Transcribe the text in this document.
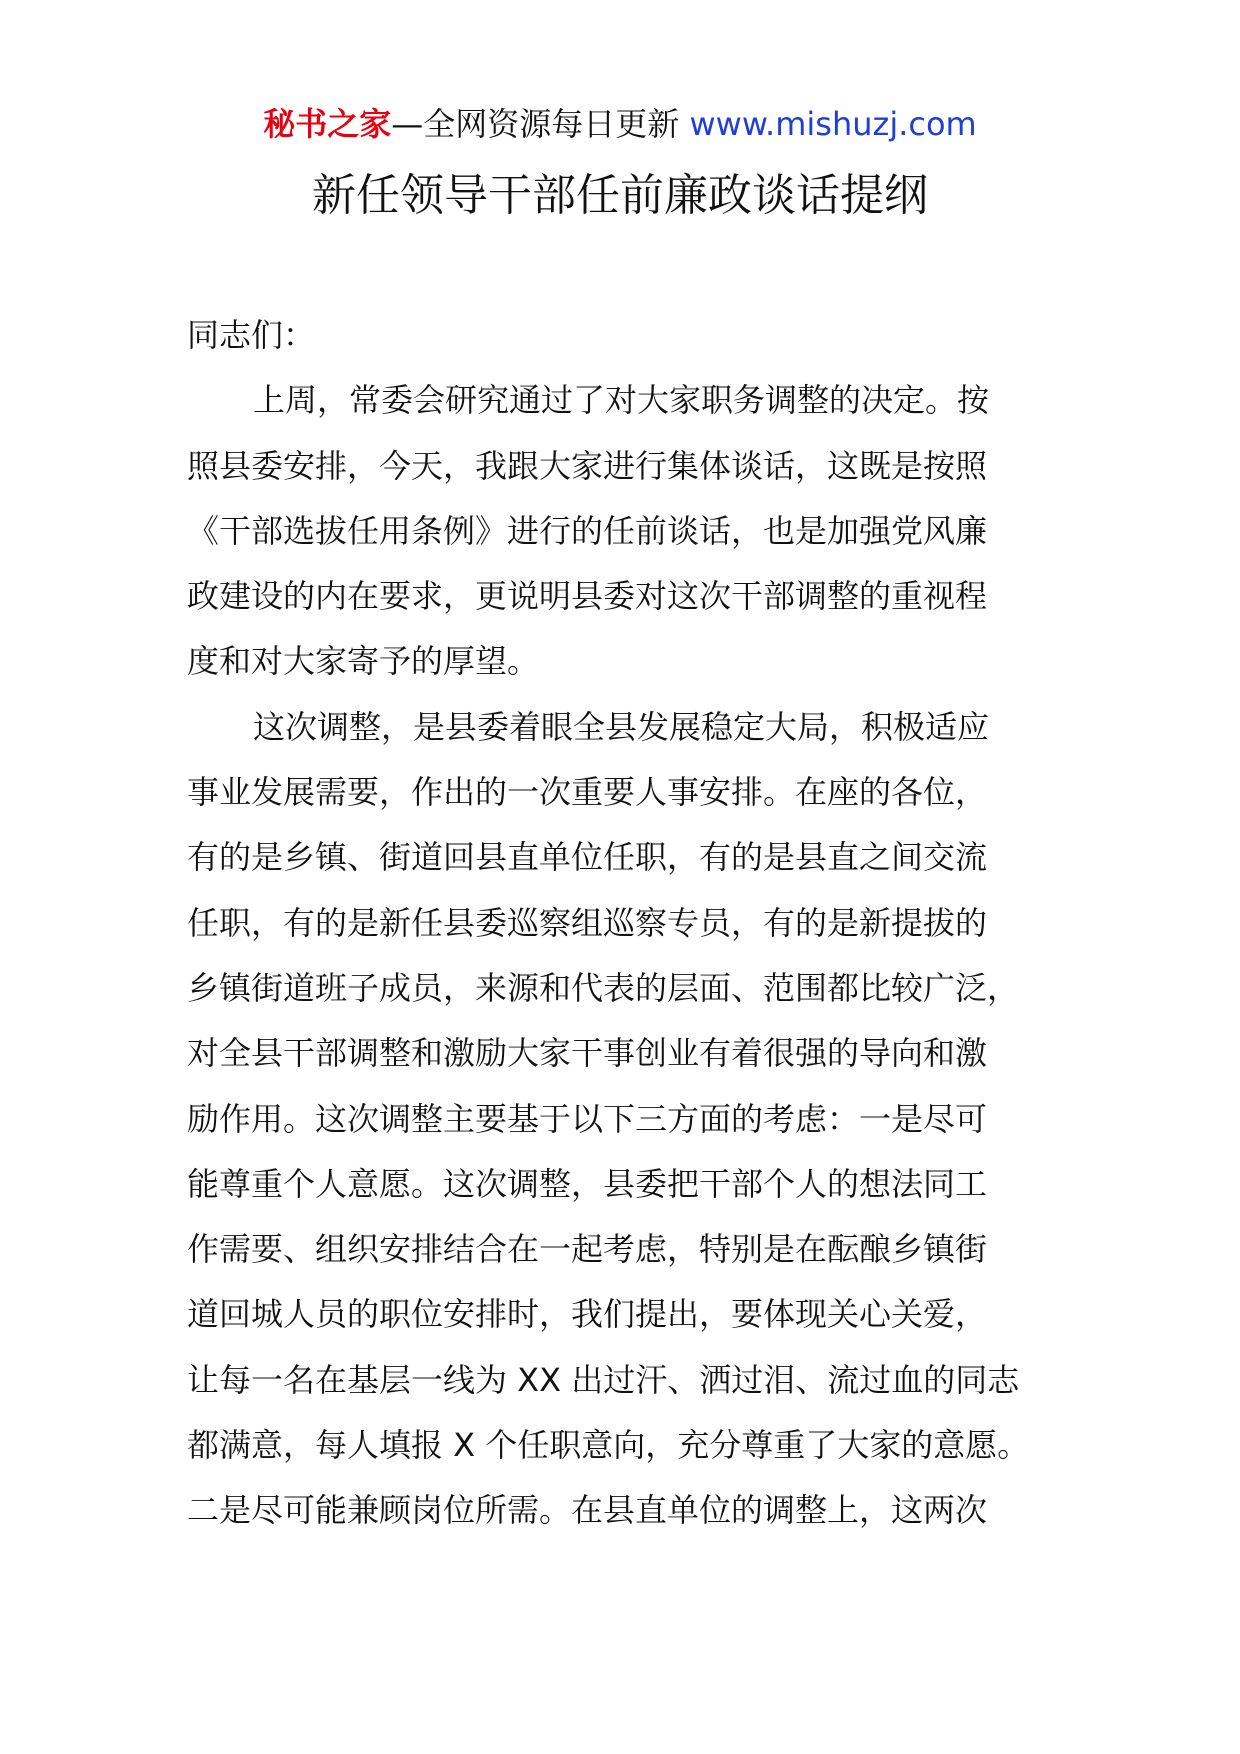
秘书之家—全网资源每日更新 www.mishuzj.com
新任领导干部任前廉政谈话提纲
同志们：
上周，常委会研究通过了对大家职务调整的决定。按
照县委安排，今天，我跟大家进行集体谈话，这既是按照
《干部选拔任用条例》进行的任前谈话，也是加强党风廉
政建设的内在要求，更说明县委对这次干部调整的重视程
度和对大家寄予的厚望。
这次调整，是县委着眼全县发展稳定大局，积极适应
事业发展需要，作出的一次重要人事安排。在座的各位，
有的是乡镇、街道回县直单位任职，有的是县直之间交流
任职，有的是新任县委巡察组巡察专员，有的是新提拔的
乡镇街道班子成员，来源和代表的层面、范围都比较广泛，
对全县干部调整和激励大家干事创业有着很强的导向和激
励作用。这次调整主要基于以下三方面的考虑：一是尽可
能尊重个人意愿。这次调整，县委把干部个人的想法同工
作需要、组织安排结合在一起考虑，特别是在酝酿乡镇街
道回城人员的职位安排时，我们提出，要体现关心关爱，
让每一名在基层一线为 XX 出过汗、洒过泪、流过血的同志
都满意，每人填报 X 个任职意向，充分尊重了大家的意愿。
二是尽可能兼顾岗位所需。在县直单位的调整上，这两次
